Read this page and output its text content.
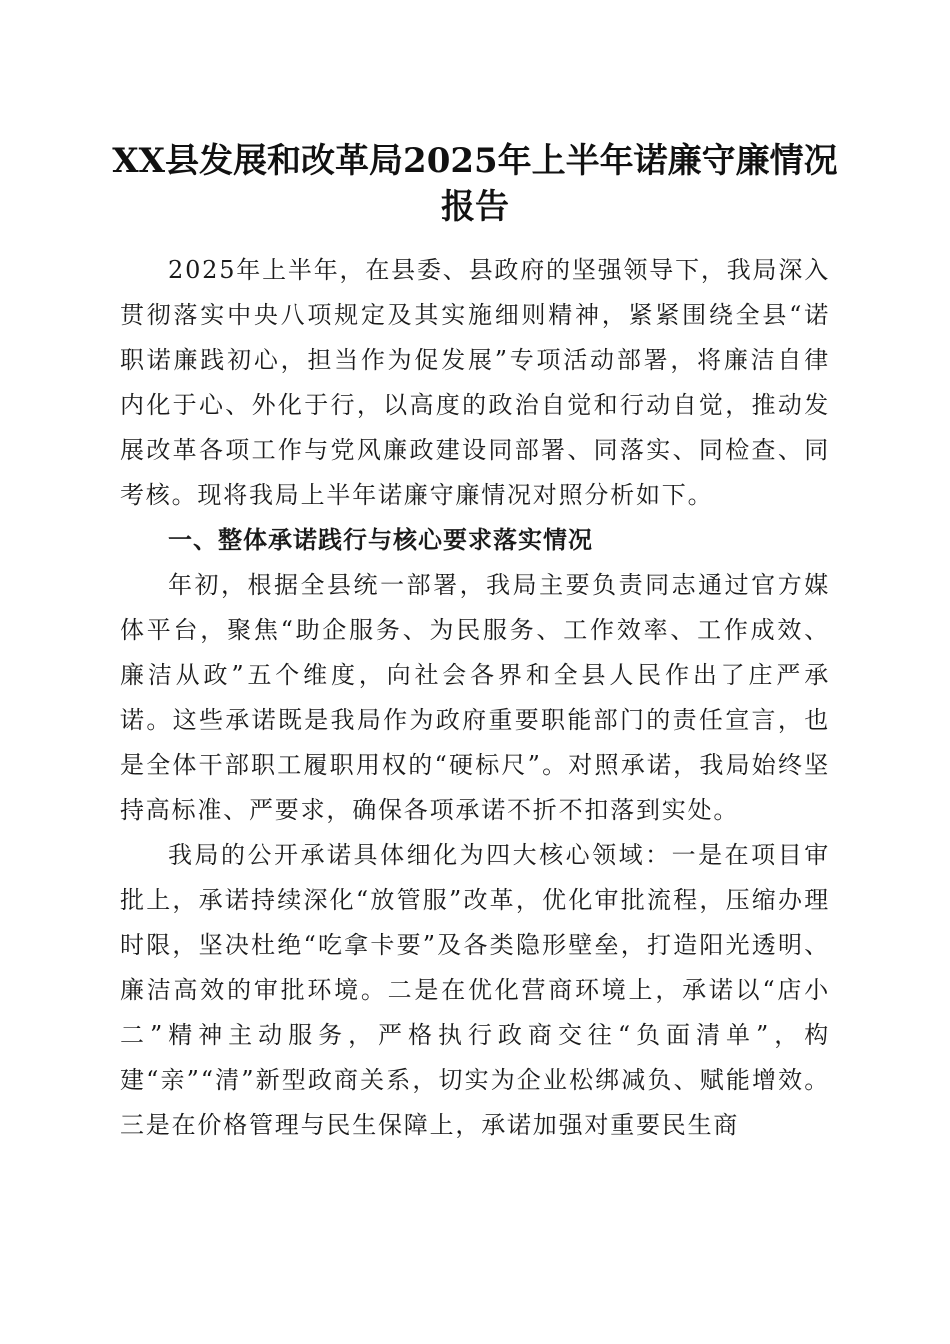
XX县发展和改革局2025年上半年诺廉守廉情况报告

2025年上半年，在县委、县政府的坚强领导下，我局深入贯彻落实中央八项规定及其实施细则精神，紧紧围绕全县“诺职诺廉践初心，担当作为促发展”专项活动部署，将廉洁自律内化于心、外化于行，以高度的政治自觉和行动自觉，推动发展改革各项工作与党风廉政建设同部署、同落实、同检查、同考核。现将我局上半年诺廉守廉情况对照分析如下。

一、整体承诺践行与核心要求落实情况

年初，根据全县统一部署，我局主要负责同志通过官方媒体平台，聚焦“助企服务、为民服务、工作效率、工作成效、廉洁从政”五个维度，向社会各界和全县人民作出了庄严承诺。这些承诺既是我局作为政府重要职能部门的责任宣言，也是全体干部职工履职用权的“硬标尺”。对照承诺，我局始终坚持高标准、严要求，确保各项承诺不折不扣落到实处。

我局的公开承诺具体细化为四大核心领域：一是在项目审批上，承诺持续深化“放管服”改革，优化审批流程，压缩办理时限，坚决杜绝“吃拿卡要”及各类隐形壁垒，打造阳光透明、廉洁高效的审批环境。二是在优化营商环境上，承诺以“店小二”精神主动服务，严格执行政商交往“负面清单”，构建“亲”“清”新型政商关系，切实为企业松绑减负、赋能增效。三是在价格管理与民生保障上，承诺加强对重要民生商
